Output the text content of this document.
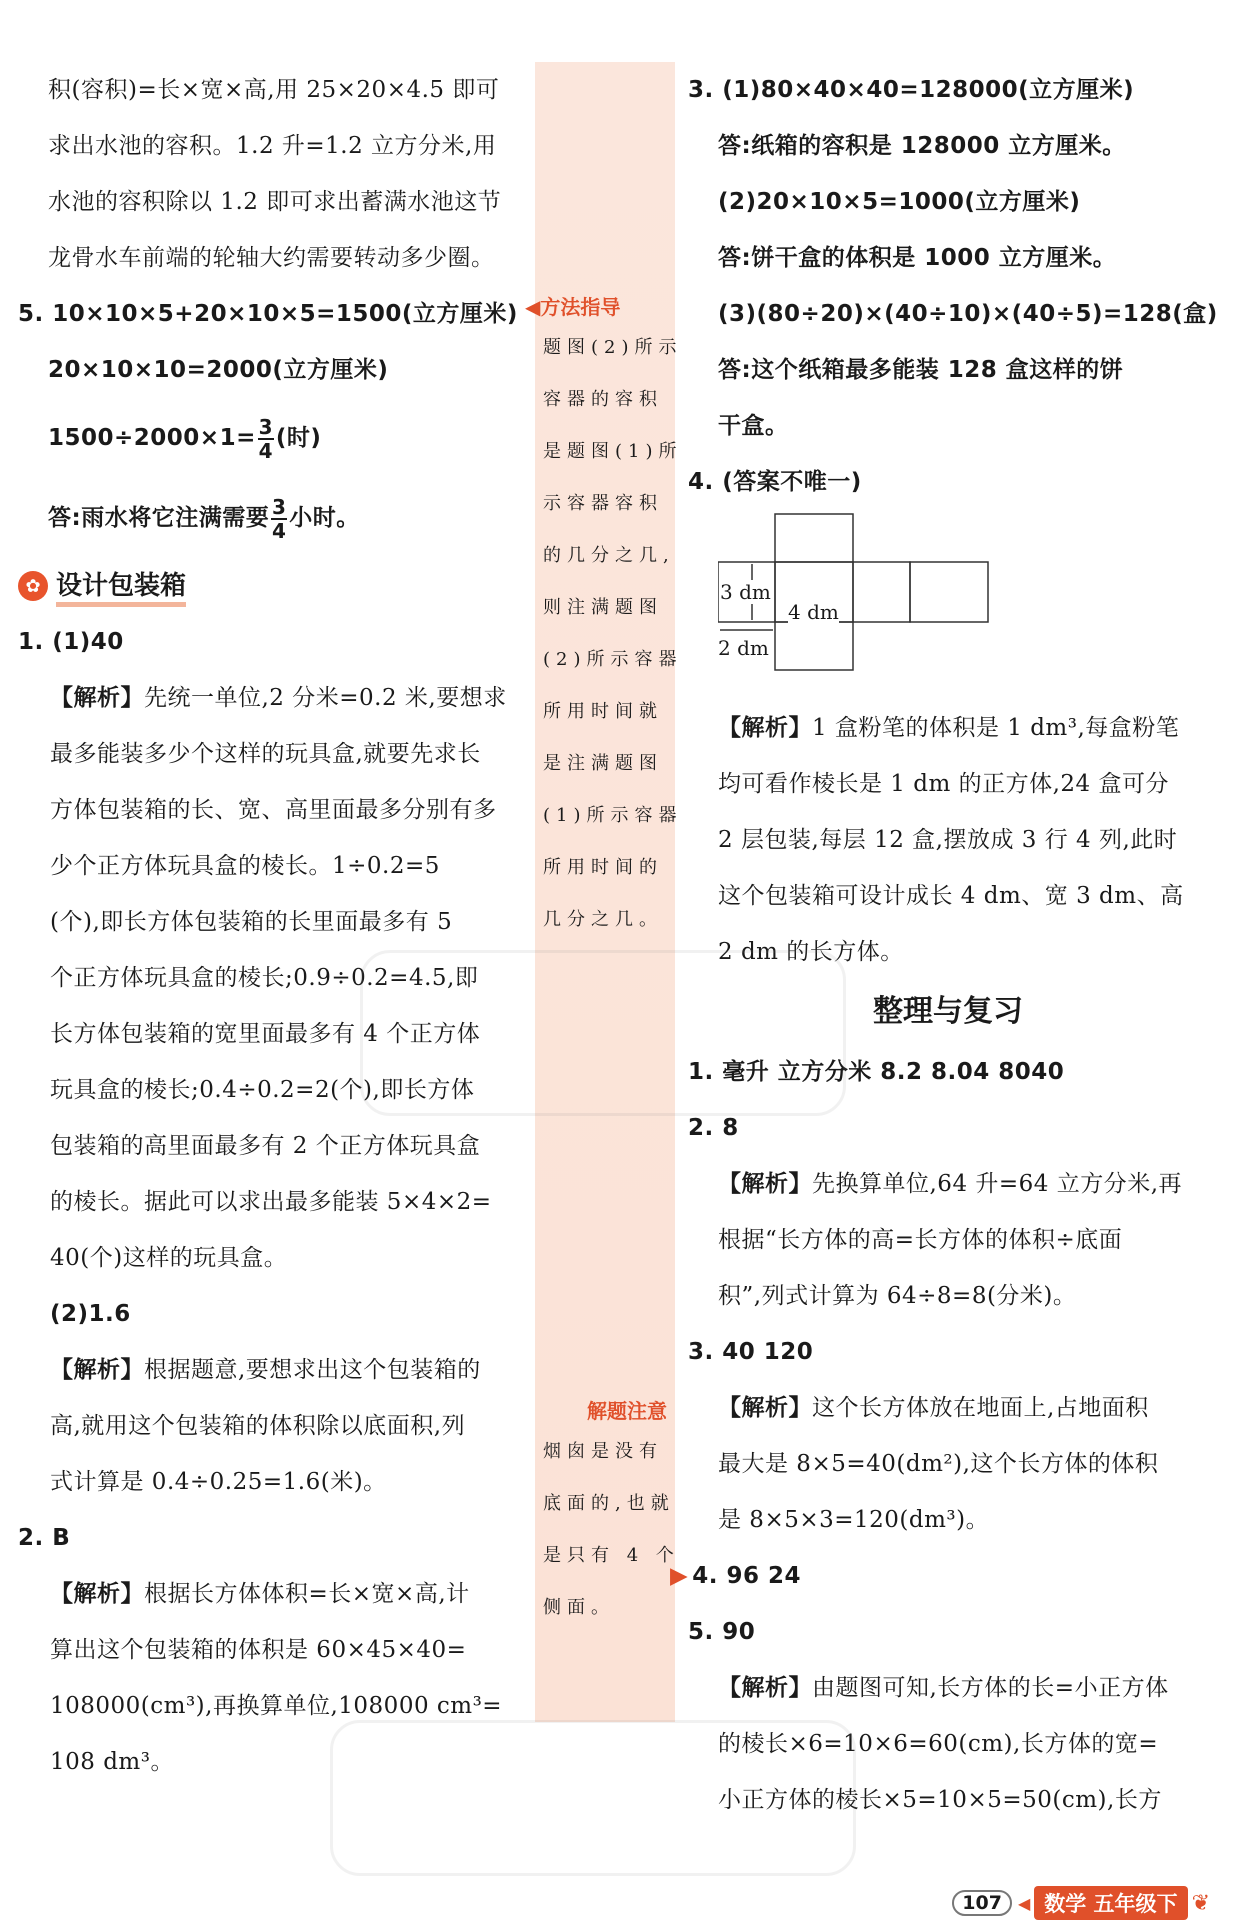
积(容积)=长×宽×高,用 25×20×4.5 即可
求出水池的容积。1.2 升=1.2 立方分米,用
水池的容积除以 1.2 即可求出蓄满水池这节
龙骨水车前端的轮轴大约需要转动多少圈。
5. 10×10×5+20×10×5=1500(立方厘米)
20×10×10=2000(立方厘米)
$1500\div 2000\times 1= \frac{3}{4}$ (时)
答:雨水将它注满需要 $\frac{3}{4}$ 小时。
✿ 设计包装箱
1. (1)40
【解析】先统一单位,2 分米=0.2 米,要想求
最多能装多少个这样的玩具盒,就要先求长
方体包装箱的长、宽、高里面最多分别有多
少个正方体玩具盒的棱长。1÷0.2=5
(个),即长方体包装箱的长里面最多有 5
个正方体玩具盒的棱长;0.9÷0.2=4.5,即
长方体包装箱的宽里面最多有 4 个正方体
玩具盒的棱长;0.4÷0.2=2(个),即长方体
包装箱的高里面最多有 2 个正方体玩具盒
的棱长。据此可以求出最多能装 5×4×2=
40(个)这样的玩具盒。
(2)1.6
【解析】根据题意,要想求出这个包装箱的
高,就用这个包装箱的体积除以底面积,列
式计算是 0.4÷0.25=1.6(米)。
2. B
【解析】根据长方体体积=长×宽×高,计
算出这个包装箱的体积是 60×45×40=
108000(cm³),再换算单位,108000 cm³=
108 dm³。
◀方法指导
题图(2)所示
容器的容积
是题图(1)所
示容器容积
的几分之几,
则注满题图
(2)所示容器
所用时间就
是注满题图
(1)所示容器
所用时间的
几分之几。
解题注意
烟囱是没有
底面的,也就
是只有 4 个
侧面。
3. (1)80×40×40=128000(立方厘米)
答:纸箱的容积是 128000 立方厘米。
(2)20×10×5=1000(立方厘米)
答:饼干盒的体积是 1000 立方厘米。
(3)(80÷20)×(40÷10)×(40÷5)=128(盒)
答:这个纸箱最多能装 128 盒这样的饼
干盒。
4. (答案不唯一)
3 dm
4 dm
2 dm
【解析】1 盒粉笔的体积是 1 dm³,每盒粉笔
均可看作棱长是 1 dm 的正方体,24 盒可分
2 层包装,每层 12 盒,摆放成 3 行 4 列,此时
这个包装箱可设计成长 4 dm、宽 3 dm、高
2 dm 的长方体。
整理与复习
1. 毫升 立方分米 8.2 8.04 8040
2. 8
【解析】先换算单位,64 升=64 立方分米,再
根据“长方体的高=长方体的体积÷底面
积”,列式计算为 64÷8=8(分米)。
3. 40 120
【解析】这个长方体放在地面上,占地面积
最大是 8×5=40(dm²),这个长方体的体积
是 8×5×3=120(dm³)。
▶ 4. 96 24
5. 90
【解析】由题图可知,长方体的长=小正方体
的棱长×6=10×6=60(cm),长方体的宽=
小正方体的棱长×5=10×5=50(cm),长方
107	◀ 数学 五年级下 ❦
